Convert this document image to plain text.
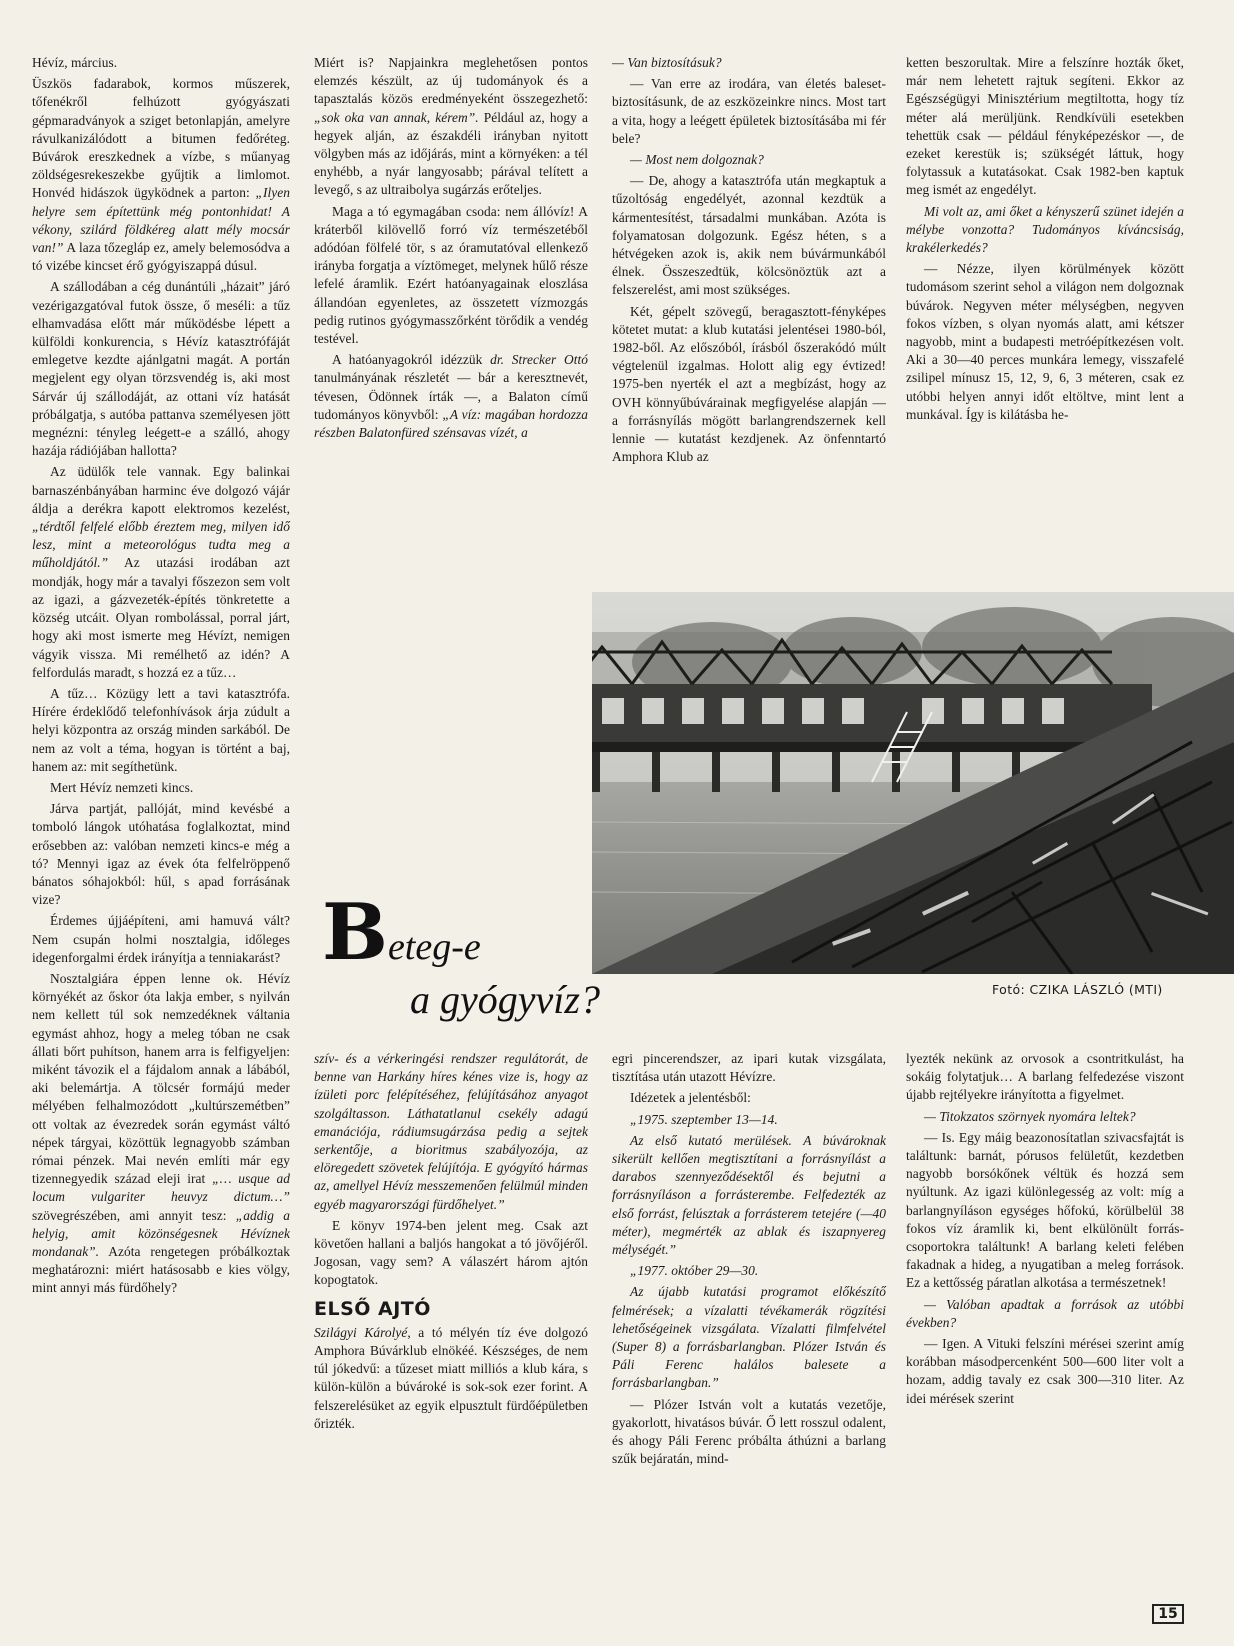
Hévíz, március.

Üszkös fadarabok, kormos műszerek, tőfenékről felhúzott gyógyászati gépmaradványok a sziget betonlapján, amelyre rávulkanizálódott a bitumen fedőréteg. Búvárok ereszkednek a vízbe, s műanyag zöldségesrekeszekbe gyűjtik a limlomot. Honvéd hidászok ügyködnek a parton: „Ilyen helyre sem építettünk még pontonhidat! A vékony, szilárd földkéreg alatt mély mocsár van!” A laza tőzegláp ez, amely belemosódva a tó vizébe kincset érő gyógyiszappá dúsul.

A szállodában a cég dunántúli „házait” járó vezérigazgatóval futok össze, ő meséli: a tűz elhamvadása előtt már működésbe lépett a külföldi konkurencia, s Hévíz katasztrófáját emlegetve kezdte ajánlgatni magát. A portán megjelent egy olyan törzsvendég is, aki most Sárvár új szállodáját, az ottani víz hatását próbálgatja, s autóba pattanva személyesen jött megnézni: tényleg leégett-e a szálló, ahogy hazája rádiójában hallotta?

Az üdülők tele vannak. Egy balinkai barnaszénbányában harminc éve dolgozó vájár áldja a derékra kapott elektromos kezelést, „térdtől felfelé előbb éreztem meg, milyen idő lesz, mint a meteorológus tudta meg a műholdjától.” Az utazási irodában azt mondják, hogy már a tavalyi főszezon sem volt az igazi, a gázvezeték-építés tönkretette a község utcáit. Olyan rombolással, porral járt, hogy aki most ismerte meg Hévízt, nemigen vágyik vissza. Mi remélhető az idén? A felfordulás maradt, s hozzá ez a tűz…

A tűz… Közügy lett a tavi katasztrófa. Hírére érdeklődő telefonhívások árja zúdult a helyi központra az ország minden sarkából. De nem az volt a téma, hogyan is történt a baj, hanem az: mit segíthetünk.

Mert Hévíz nemzeti kincs.

Járva partját, pallóját, mind kevésbé a tomboló lángok utóhatása foglalkoztat, mind erősebben az: valóban nemzeti kincs-e még a tó? Mennyi igaz az évek óta felfelröppenő bánatos sóhajokból: hűl, s apad forrásának vize?

Érdemes újjáépíteni, ami hamuvá vált? Nem csupán holmi nosztalgia, időleges idegenforgalmi érdek irányítja a tenniakarást?

Nosztalgiára éppen lenne ok. Hévíz környékét az őskor óta lakja ember, s nyilván nem kellett túl sok nemzedéknek váltania egymást ahhoz, hogy a meleg tóban ne csak állati bőrt puhítson, hanem arra is felfigyeljen: miként távozik el a fájdalom annak a lábából, aki belemártja. A tölcsér formájú meder mélyében felhalmozódott „kultúrszemétben” ott voltak az évezredek során egymást váltó népek tárgyai, közöttük legnagyobb számban római pénzek. Mai nevén említi már egy tizennegyedik század eleji irat „… usque ad locum vulgariter heuvyz dictum…” szövegrészében, ami annyit tesz: „addig a helyig, amit közönségesnek Hévíznek mondanak”. Azóta rengetegen próbálkoztak meghatározni: miért hatásosabb e kies völgy, mint annyi más fürdőhely?

Miért is? Napjainkra meglehetősen pontos elemzés készült, az új tudományok és a tapasztalás közös eredményeként összegezhető: „sok oka van annak, kérem”. Például az, hogy a hegyek alján, az északdéli irányban nyitott völgyben más az időjárás, mint a környéken: a tél enyhébb, a nyár langyosabb; párával telített a levegő, s az ultraibolya sugárzás erőteljes.

Maga a tó egymagában csoda: nem állóvíz! A kráterből kilövellő forró víz természetéből adódóan fölfelé tör, s az óramutatóval ellenkező irányba forgatja a víztömeget, melynek hűlő része lefelé áramlik. Ezért hatóanyagainak eloszlása állandóan egyenletes, az összetett vízmozgás pedig rutinos gyógymasszőrként törődik a vendég testével.

A hatóanyagokról idézzük dr. Strecker Ottó tanulmányának részletét — bár a keresztnevét, tévesen, Ödönnek írták —, a Balaton című tudományos könyvből: „A víz: magában hordozza részben Balatonfüred szénsavas vízét, a

— Van biztosításuk?

— Van erre az irodára, van életés baleset-biztosításunk, de az eszközeinkre nincs. Most tart a vita, hogy a leégett épületek biztosításába mi fér bele?

— Most nem dolgoznak?

— De, ahogy a katasztrófa után megkaptuk a tűzoltóság engedélyét, azonnal kezdtük a kármentesítést, társadalmi munkában. Azóta is folyamatosan dolgozunk. Egész héten, s a hétvégeken azok is, akik nem búvármunkából élnek. Összeszedtük, kölcsönöztük azt a felszerelést, ami most szükséges.

Két, gépelt szövegű, beragasztott-fényképes kötetet mutat: a klub kutatási jelentései 1980-ból, 1982-ből. Az előszóból, írásból őszerakódó múlt végtelenül izgalmas. Holott alig egy évtized! 1975-ben nyerték el azt a megbízást, hogy az OVH könnyűbúvárainak megfigyelése alapján — a forrásnyílás mögött barlangrendszernek kell lennie — kutatást kezdjenek. Az önfenntartó Amphora Klub az

ketten beszorultak. Mire a felszínre hozták őket, már nem lehetett rajtuk segíteni. Ekkor az Egészségügyi Minisztérium megtiltotta, hogy tíz méter alá merüljünk. Rendkívüli esetekben tehettük csak — például fényképezéskor —, de ezeket kerestük is; szükségét láttuk, hogy folytassuk a kutatásokat. Csak 1982-ben kaptuk meg ismét az engedélyt.

Mi volt az, ami őket a kényszerű szünet idején a mélybe vonzotta? Tudományos kíváncsiság, krakélerkedés?

— Nézze, ilyen körülmények között tudomásom szerint sehol a világon nem dolgoznak búvárok. Negyven méter mélységben, negyven fokos vízben, s olyan nyomás alatt, ami kétszer nagyobb, mint a budapesti metróépítkezésen volt. Aki a 30—40 perces munkára lemegy, visszafelé zsilipel mínusz 15, 12, 9, 6, 3 méteren, csak ez utóbbi helyen annyi időt eltöltve, mint lent a munkával. Így is kilátásba he-

Beteg-e
a gyógyvíz?	Fotó: CZIKA LÁSZLÓ (MTI)

szív- és a vérkeringési rendszer regulátorát, de benne van Harkány híres kénes vize is, hogy az ízületi porc felépítéséhez, felújításához anyagot szolgáltasson. Láthatatlanul csekély adagú emanációja, rádiumsugárzása pedig a sejtek serkentője, a bioritmus szabályozója, az elöregedett szövetek felújítója. E gyógyító hármas az, amellyel Hévíz messzemenően felülmúl minden egyéb magyarországi fürdőhelyet.”

E könyv 1974-ben jelent meg. Csak azt követően hallani a baljós hangokat a tó jövőjéről. Jogosan, vagy sem? A válaszért három ajtón kopogtatok.

ELSŐ AJTÓ

Szilágyi Károlyé, a tó mélyén tíz éve dolgozó Amphora Búvárklub elnökéé. Készséges, de nem túl jókedvű: a tűzeset miatt milliós a klub kára, s külön-külön a búvároké is sok-sok ezer forint. A felszerelésüket az egyik elpusztult fürdőépületben őrizték.

egri pincerendszer, az ipari kutak vizsgálata, tisztítása után utazott Hévízre.

Idézetek a jelentésből:

„1975. szeptember 13—14.

Az első kutató merülések. A búvároknak sikerült kellően megtisztítani a forrásnyílást a darabos szennyeződésektől és bejutni a forrásnyíláson a forrásterembe. Felfedezték az első forrást, felúsztak a forrásterem tetejére (—40 méter), megmérték az ablak és iszapnyereg mélységét.”

„1977. október 29—30.

Az újabb kutatási programot előkészítő felmérések; a vízalatti tévékamerák rögzítési lehetőségeinek vizsgálata. Vízalatti filmfelvétel (Super 8) a forrásbarlangban. Plózer István és Páli Ferenc halálos balesete a forrásbarlangban.”

— Plózer István volt a kutatás vezetője, gyakorlott, hivatásos búvár. Ő lett rosszul odalent, és ahogy Páli Ferenc próbálta áthúzni a barlang szűk bejáratán, mind-

lyezték nekünk az orvosok a csontritkulást, ha sokáig folytatjuk… A barlang felfedezése viszont újabb rejtélyekre irányította a figyelmet.

— Titokzatos szörnyek nyomára leltek?

— Is. Egy máig beazonosítatlan szivacsfajtát is találtunk: barnát, pórusos felületűt, kezdetben nagyobb borsókőnek véltük és hozzá sem nyúltunk. Az igazi különlegesség az volt: míg a barlangnyíláson egységes hőfokú, körülbelül 38 fokos víz áramlik ki, bent elkülönült forrás-csoportokra találtunk! A barlang keleti felében fakadnak a hideg, a nyugatiban a meleg források. Ez a kettősség páratlan alkotása a természetnek!

— Valóban apadtak a források az utóbbi években?

— Igen. A Vituki felszíni mérései szerint amíg korábban másodpercenként 500—600 liter volt a hozam, addig tavaly ez csak 300—310 liter. Az idei mérések szerint

15
